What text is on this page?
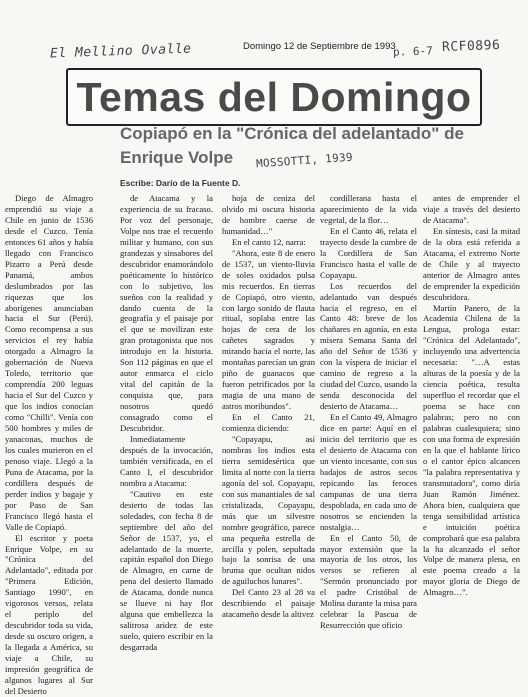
El Mellino Ovalle	Domingo 12 de Septiembre de 1993
p. 6-7 RCF0896
Temas del Domingo
Copiapó en la "Crónica del adelantado" de Enrique Volpe	MOSSOTTI, 1939
Escribe: Darío de la Fuente D.

Diego de Almagro emprendió su viaje a Chile en junio de 1536 desde el Cuzco. Tenía entonces 61 años y había llegado con Francisco Pizarro a Perú desde Panamá, ambos deslumbrados por las riquezas que los aborígenes anunciaban hacia el Sur (Perú). Como recompensa a sus servicios el rey había otorgado a Almagro la gobernación de Nueva Toledo, territorio que comprendía 200 leguas hacia el Sur del Cuzco y que los indios conocían como "Chilli". Venía con 500 hombres y miles de yanaconas, muchos de los cuales murieron en el penoso viaje. Llegó a la Puna de Atacama, por la cordillera después de perder indios y bagaje y por Paso de San Francisco llegó hasta el Valle de Copiapó.

El escritor y poeta Enrique Volpe, en su "Crónica del Adelantado", editada por "Primera Edición, Santiago 1990", en vigorosos versos, relata el periplo del descubridor toda su vida, desde su oscuro origen, a la llegada a América, su viaje a Chile, su impresión geográfica de algunos lugares al Sur del Desierto

de Atacama y la experiencia de su fracaso. Por voz del personaje, Volpe nos trae el recuerdo militar y humano, con sus grandezas y sinsabores del descubridor enamorándolo poéticamente lo histórico con lo subjetivo, los sueños con la realidad y dando cuenta de la geografía y el paisaje por el que se movilizan este gran protagonista que nos introdujo en la historia. Son 112 páginas en que el autor enmarca el ciclo vital del capitán de la conquista que, para nosotros quedó consagrado como el Descubridor.

Inmediatamente después de la invocación, también versificada, en el Canto I, el descubridor nombra a Atacama:

"Cautivo en este desierto de todas las soledades, con fecha 8 de septiembre del año del Señor de 1537, yo, el adelantado de la muerte, capitán español don Diego de Almagro, en carne de pena del desierto llamado de Atacama, donde nunca se llueve ni hay flor alguna que embellezca la salitrosa aridez de este suelo, quiero escribir en la desgarrada

hoja de ceniza del olvido mi oscura historia de hombre caerse de humanidad…"

En el canto 12, narra:

"Ahora, este 8 de enero de 1537, un viento-lluvia de soles oxidados pulsa mis recuerdos. En tierras de Copiapó, otro viento, con largo sonido de flauta ritual, soplaba entre las hojas de cera de los cañetes sagrados y mirando hacia el norte, las montañas parecían un gran piño de guanacos que fueron petrificados por la magia de una mano de astros moribundos".

En el Canto 21, comienza diciendo:

"Copayapu, así nombras los indios esta tierra semidesértica que limita al norte con la tierra agonía del sol. Copayapu, con sus manantiales de sal cristalizada, Copayapu, más que un silvestre nombre geográfico, parece una pequeña estrella de arcilla y polen, sepultada bajo la sonrisa de una bruma que ocultan nidos de aguiluchos lunares".

Del Canto 23 al 28 va describiendo el paisaje atacameño desde la altivez

cordillerana hasta el aparecimiento de la vida vegetal, de la flor…

En el Canto 46, relata el trayecto desde la cumbre de la Cordillera de San Francisco hasta el valle de Copayapu.

Los recuerdos del adelantado van después hacia el regreso, en el Canto 48: breve de los chañares en agonía, en esta misera Semana Santa del año del Señor de 1536 y con la víspera de iniciar el camino de regreso a la ciudad del Cuzco, usando la senda desconocida del desierto de Atacama…

En el Canto 49, Almagro dice en parte: Aquí en el inicio del territorio que es el desierto de Atacama con un viento incesante, con sus badajos de astros secos repicando las feroces campanas de una tierra despoblada, en cada uno de nosotros se encienden la nostalgia…

En el Canto 50, de mayor extensión que la mayoría de los otros, los versos se refieren al "Sermón pronunciado por el padre Cristóbal de Molina durante la misa para celebrar la Pascua de Resurrección que oficio

antes de emprender el viaje a través del desierto de Atacama".

En síntesis, casi la mitad de la obra está referida a Atacama, el extremo Norte de Chile y al trayecto anterior de Almagro antes de emprender la expedición descubridora.

Martín Panero, de la Academia Chilena de la Lengua, prologa estar: "Crónica del Adelantado", incluyendo una advertencia necesaria: "…A estas alturas de la poesía y de la ciencia poética, resulta superfluo el recordar que el poema se hace con palabras; pero no con palabras cualesquiera; sino con una forma de expresión en la que el hablante lírico o el cantor épico alcancen "la palabra representativa y transmutadora", como diría Juan Ramón Jiménez. Ahora bien, cualquiera que tenga sensibilidad artística e intuición poética comprobará que esa palabra la ha alcanzado el señor Volpe de manera plena, en este poema creado a la mayor gloria de Diego de Almagro…".
